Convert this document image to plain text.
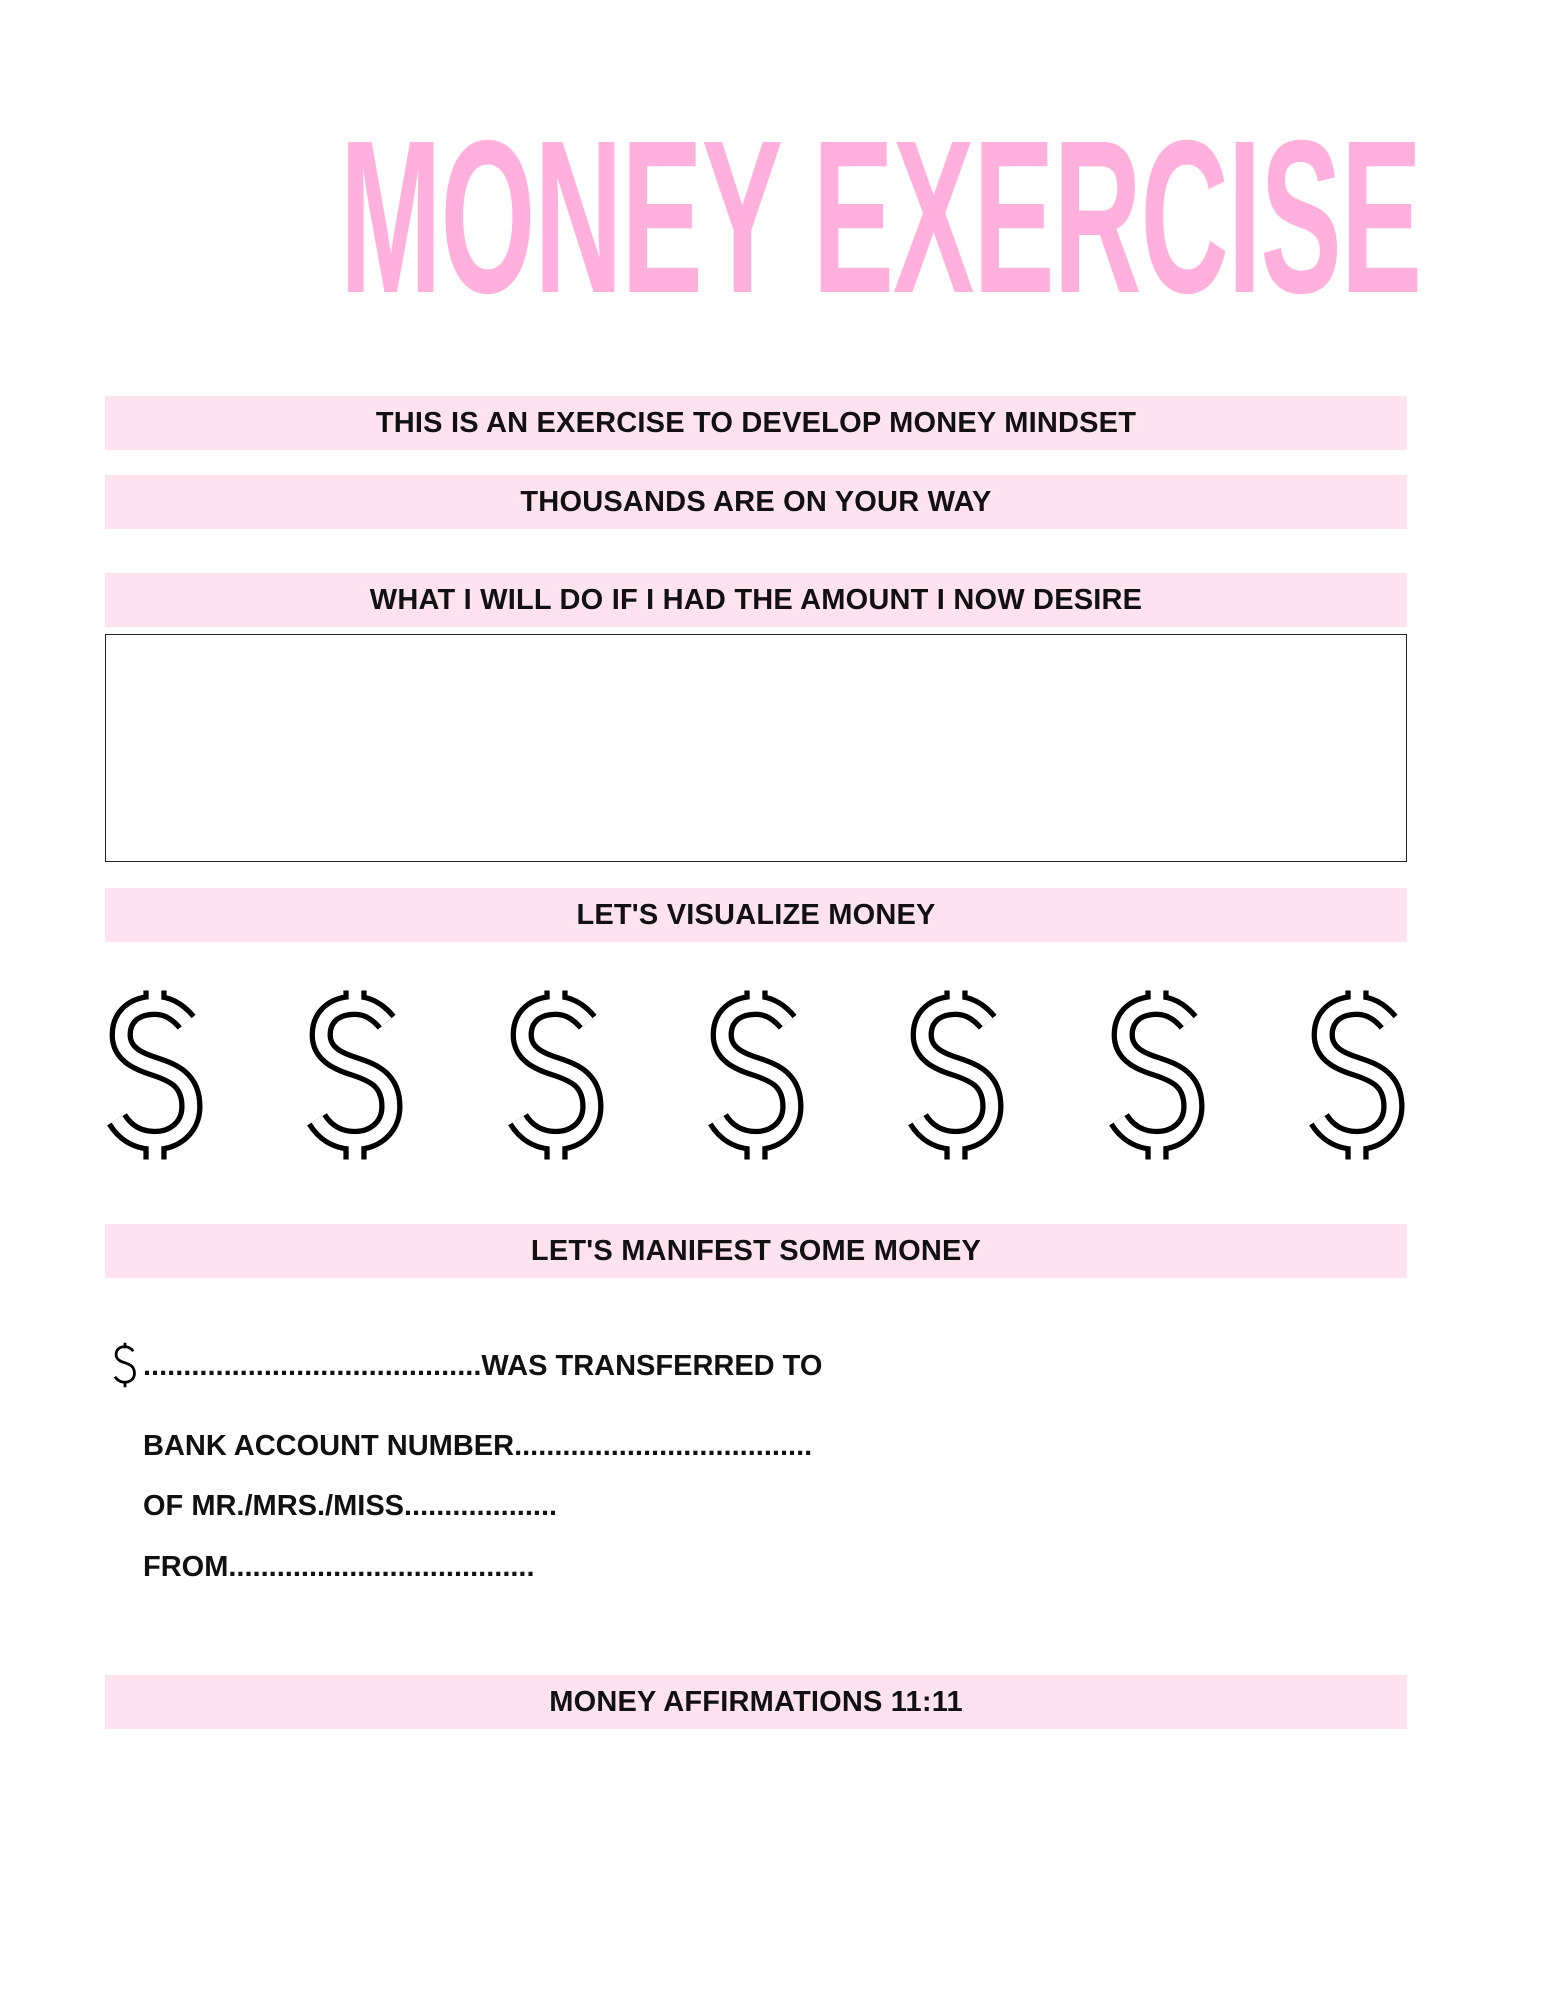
MONEY EXERCISE
THIS IS AN EXERCISE TO DEVELOP MONEY MINDSET
THOUSANDS ARE ON YOUR WAY
WHAT I WILL DO IF I HAD THE AMOUNT I NOW DESIRE
LET'S VISUALIZE MONEY
LET'S MANIFEST SOME MONEY
..........................................WAS TRANSFERRED TO
BANK ACCOUNT NUMBER.....................................
OF MR./MRS./MISS...................
FROM......................................
MONEY AFFIRMATIONS 11:11
